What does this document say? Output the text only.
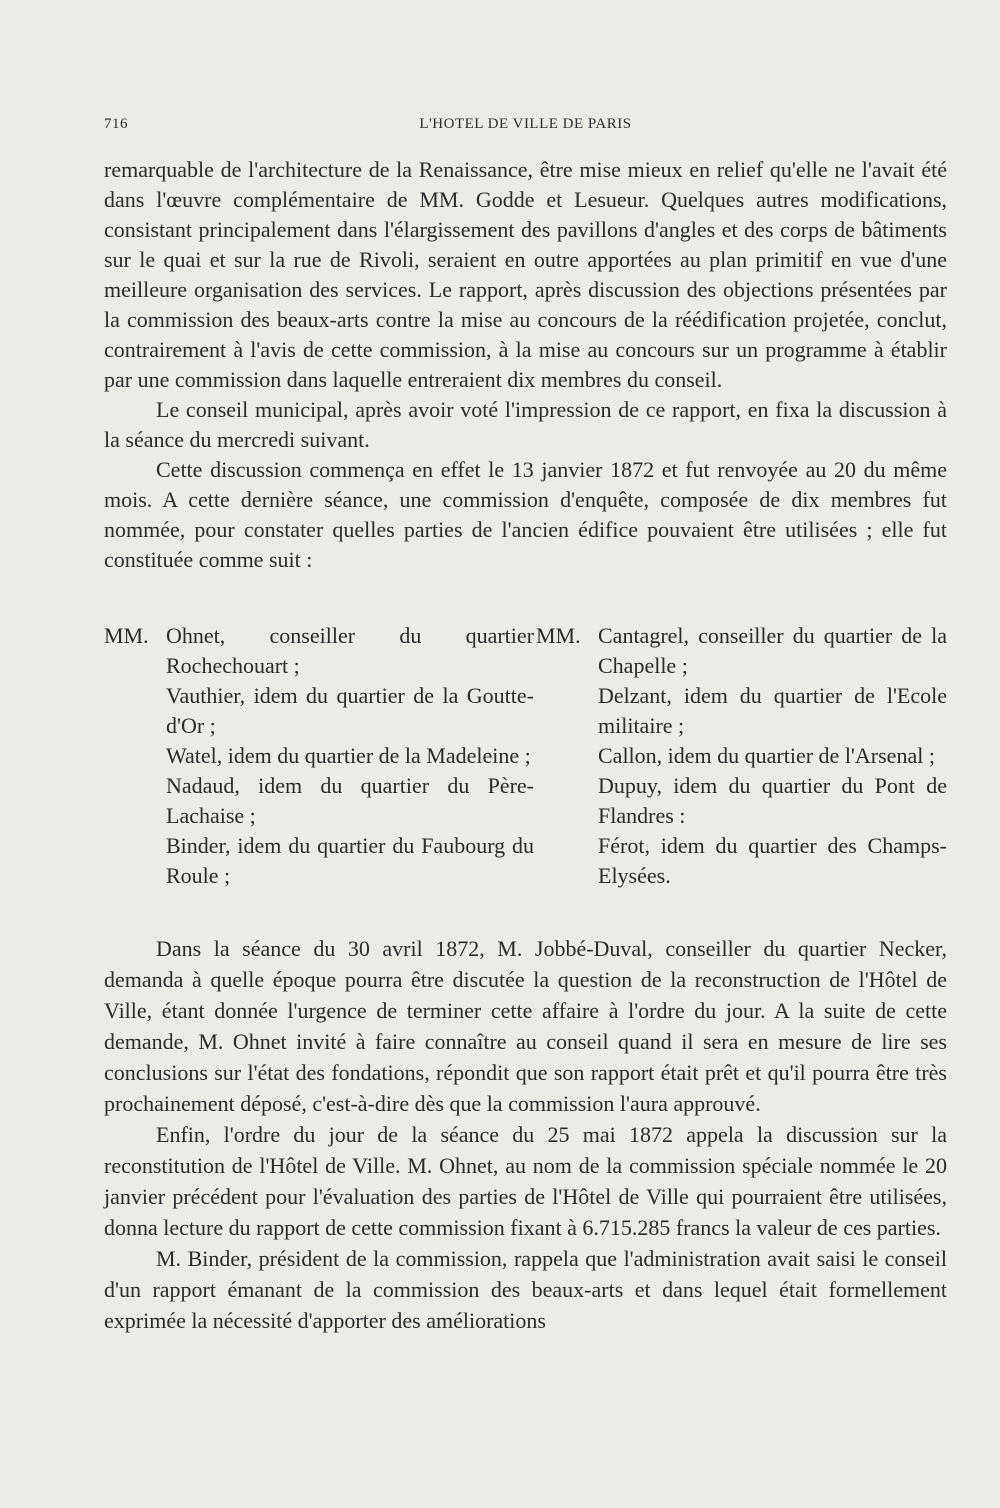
716	L'HOTEL DE VILLE DE PARIS

remarquable de l'architecture de la Renaissance, être mise mieux en relief qu'elle ne l'avait été dans l'œuvre complémentaire de MM. Godde et Lesueur. Quelques autres modifications, consistant principalement dans l'élargissement des pavillons d'angles et des corps de bâtiments sur le quai et sur la rue de Rivoli, seraient en outre apportées au plan primitif en vue d'une meilleure organisation des services. Le rapport, après discussion des objections présentées par la commission des beaux-arts contre la mise au concours de la réédification projetée, conclut, contrairement à l'avis de cette commission, à la mise au concours sur un programme à établir par une commission dans laquelle entreraient dix membres du conseil.

Le conseil municipal, après avoir voté l'impression de ce rapport, en fixa la discussion à la séance du mercredi suivant.

Cette discussion commença en effet le 13 janvier 1872 et fut renvoyée au 20 du même mois. A cette dernière séance, une commission d'enquête, composée de dix membres fut nommée, pour constater quelles parties de l'ancien édifice pouvaient être utilisées ; elle fut constituée comme suit :

MM. Ohnet, conseiller du quartier Rochechouart ;

Vauthier, idem du quartier de la Goutte-d'Or ;

Watel, idem du quartier de la Madeleine ;

Nadaud, idem du quartier du Père-Lachaise ;

Binder, idem du quartier du Faubourg du Roule ;

MM. Cantagrel, conseiller du quartier de la Chapelle ;

Delzant, idem du quartier de l'Ecole militaire ;

Callon, idem du quartier de l'Arsenal ;

Dupuy, idem du quartier du Pont de Flandres :

Férot, idem du quartier des Champs-Elysées.

Dans la séance du 30 avril 1872, M. Jobbé-Duval, conseiller du quartier Necker, demanda à quelle époque pourra être discutée la question de la reconstruction de l'Hôtel de Ville, étant donnée l'urgence de terminer cette affaire à l'ordre du jour. A la suite de cette demande, M. Ohnet invité à faire connaître au conseil quand il sera en mesure de lire ses conclusions sur l'état des fondations, répondit que son rapport était prêt et qu'il pourra être très prochainement déposé, c'est-à-dire dès que la commission l'aura approuvé.

Enfin, l'ordre du jour de la séance du 25 mai 1872 appela la discussion sur la reconstitution de l'Hôtel de Ville. M. Ohnet, au nom de la commission spéciale nommée le 20 janvier précédent pour l'évaluation des parties de l'Hôtel de Ville qui pourraient être utilisées, donna lecture du rapport de cette commission fixant à 6.715.285 francs la valeur de ces parties.

M. Binder, président de la commission, rappela que l'administration avait saisi le conseil d'un rapport émanant de la commission des beaux-arts et dans lequel était formellement exprimée la nécessité d'apporter des améliorations
